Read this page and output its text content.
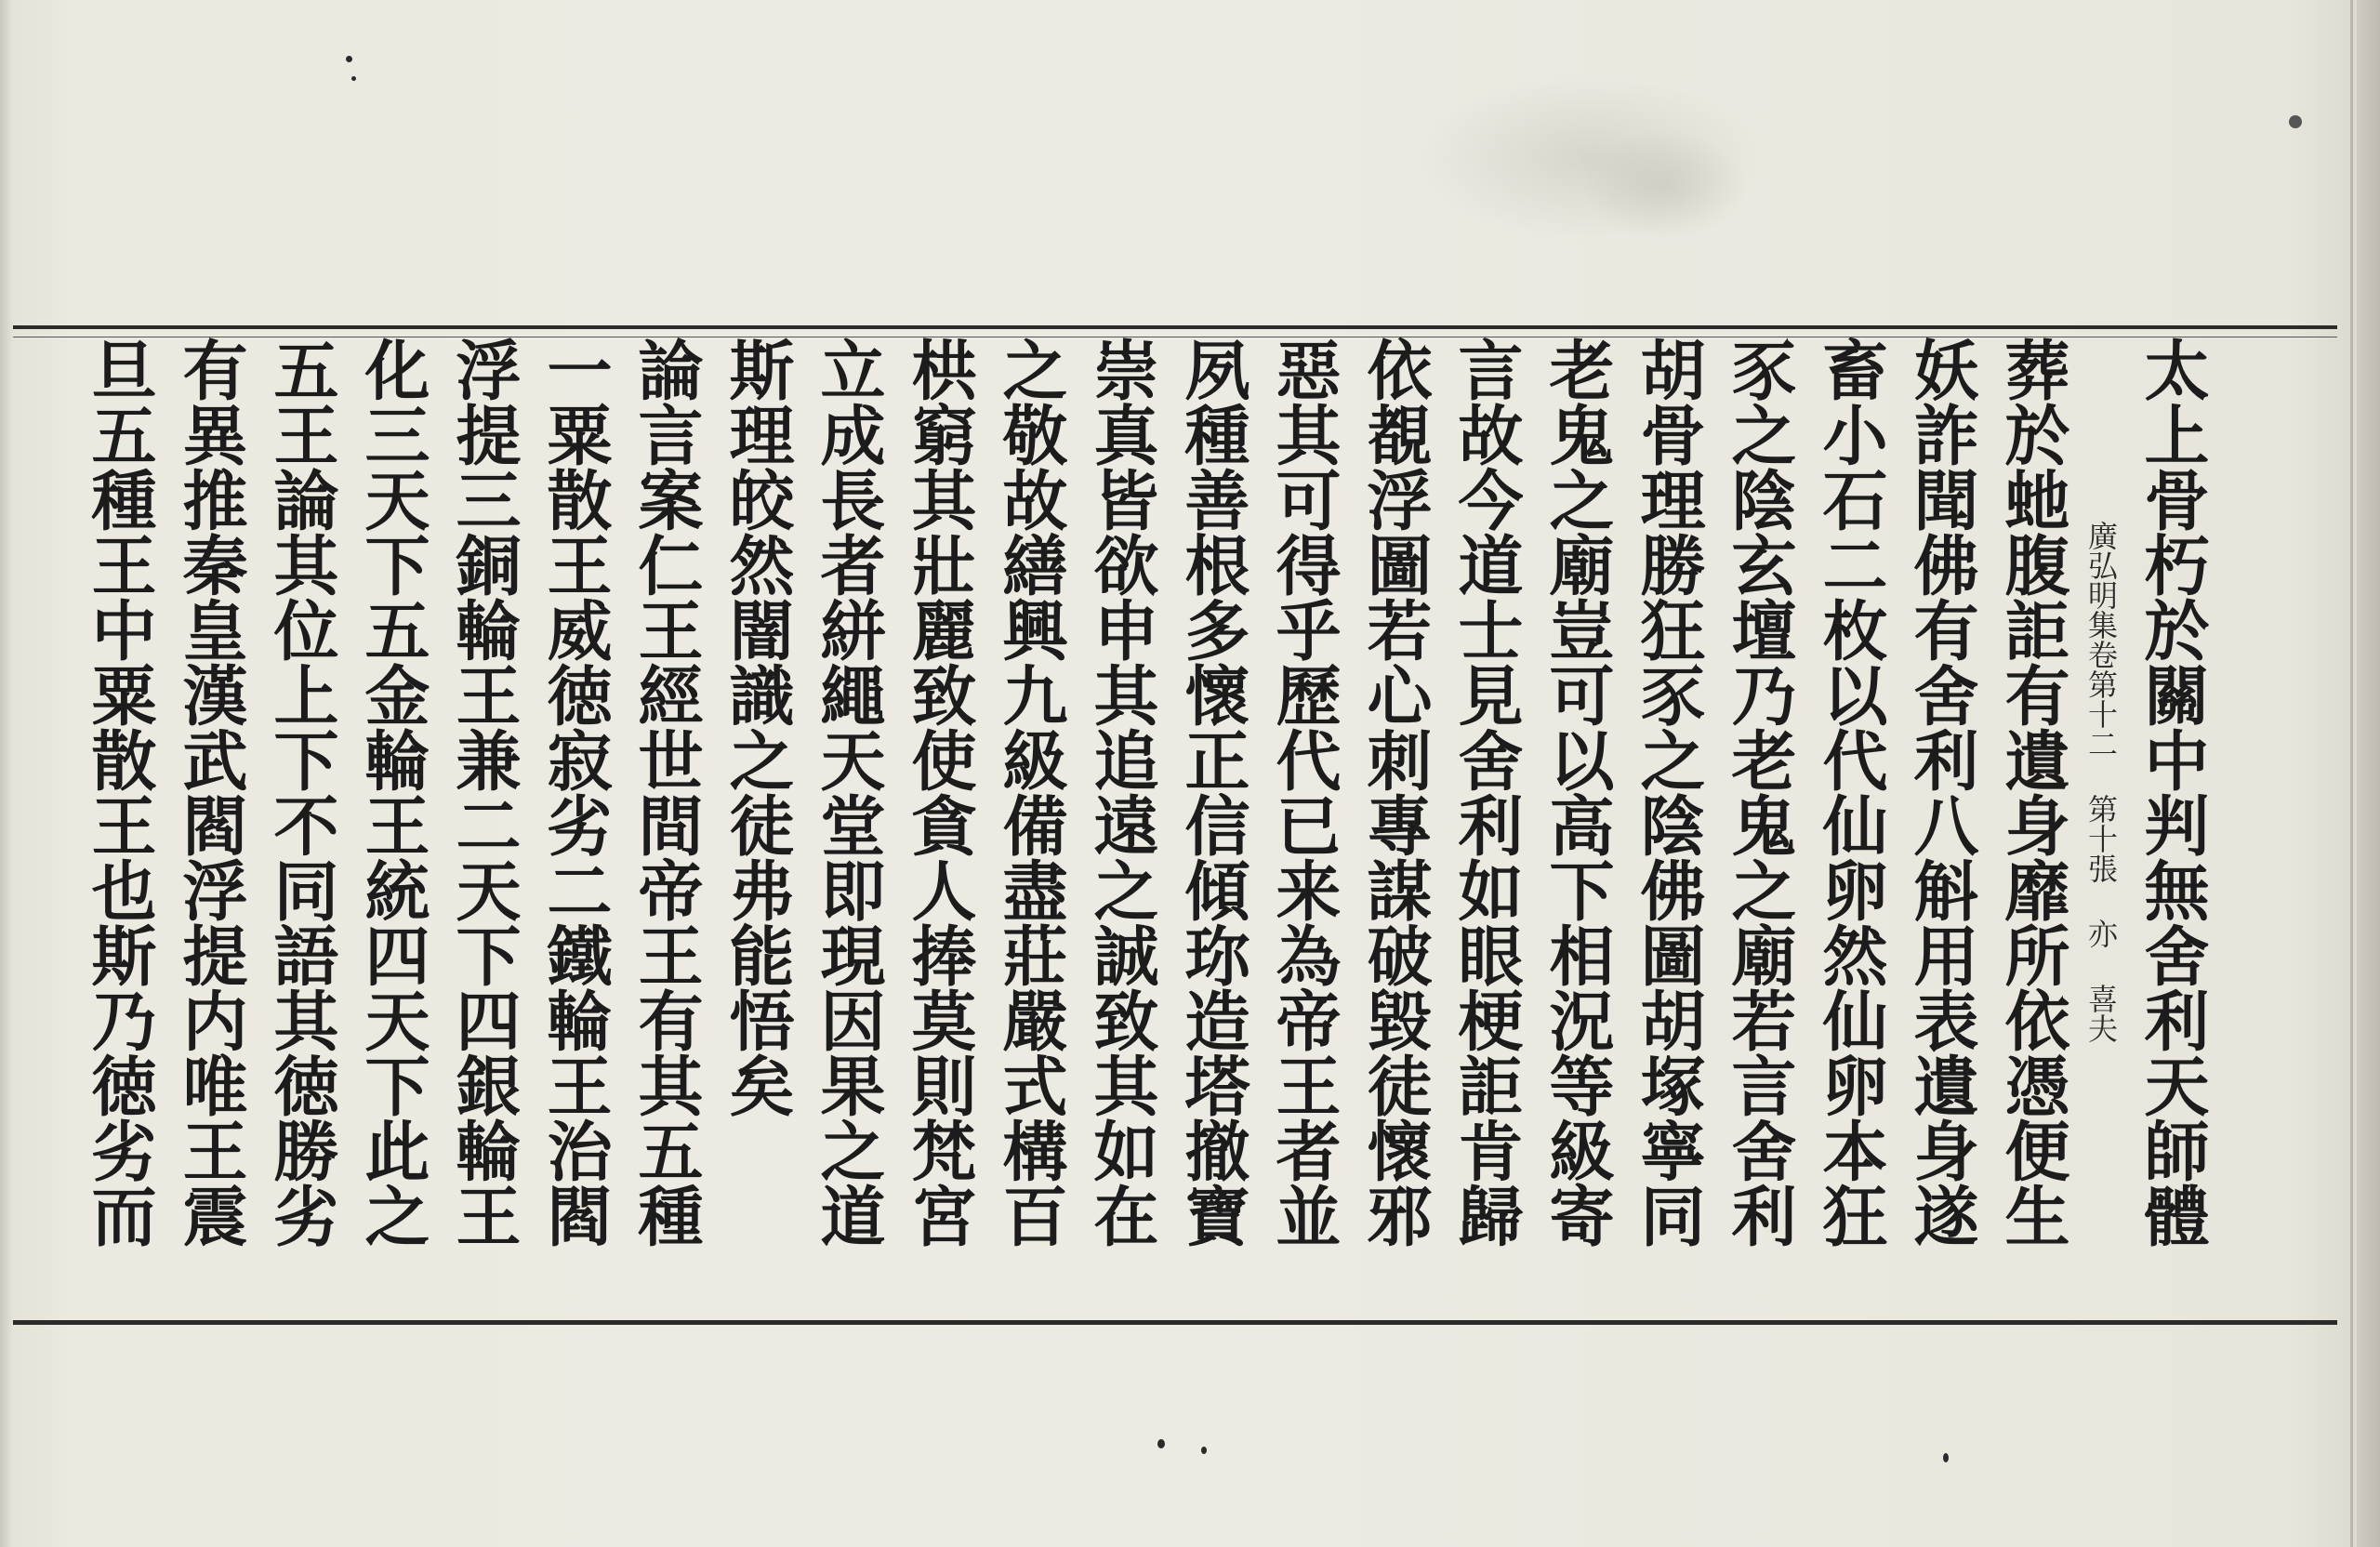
廣弘明集卷第十二 第十張 亦 喜夫 太上骨朽於關中判無舍利天師體
葬於虵腹詎有遺身靡所依憑便生
妖詐聞佛有舍利八斛用表遺身遂
畜小石二枚以代仙卵然仙卵本狂
豕之陰玄壇乃老鬼之廟若言舍利
胡骨理勝狂豕之陰佛圖胡塚寧同
老鬼之廟豈可以高下相況等級寄
言故今道士見舍利如眼梗詎肯歸
依覩浮圖若心刺專謀破毀徒懷邪
惡其可得乎歷代已来為帝王者並
夙種善根多懷正信傾珎造塔撤寶
崇真皆欲申其追遠之誠致其如在
之敬故繕興九級備盡莊嚴式構百
栱窮其壯麗致使貪人捧莫則梵宮
立成長者絣繩天堂即現因果之道
斯理皎然闇識之徒弗能悟矣
論言案仁王經世間帝王有其五種
一粟散王威徳寂劣二鐵輪王治閻
浮提三銅輪王兼二天下四銀輪王
化三天下五金輪王統四天下此之
五王論其位上下不同語其徳勝劣
有異推秦皇漢武閻浮提内唯王震
旦五種王中粟散王也斯乃徳劣而
